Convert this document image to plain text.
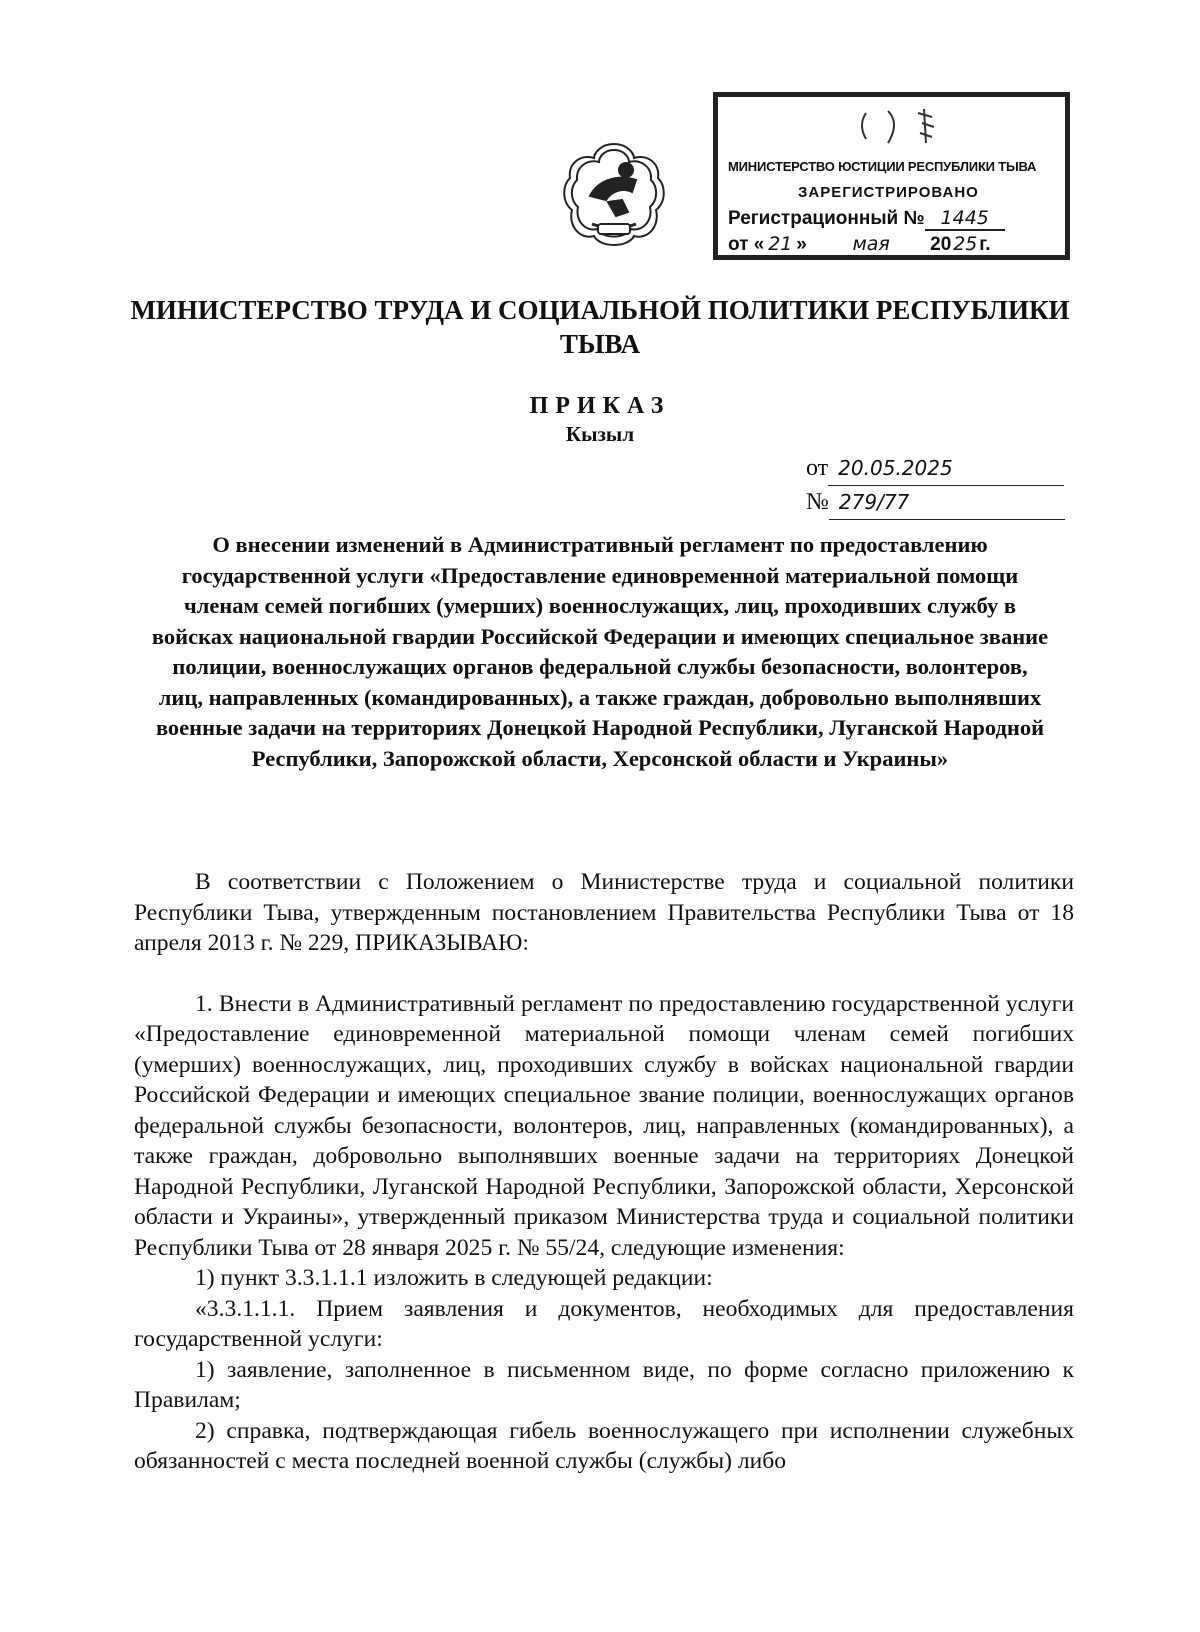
МИНИСТЕРСТВО ЮСТИЦИИ РЕСПУБЛИКИ ТЫВА
ЗАРЕГИСТРИРОВАНО
Регистрационный № 1445
от « 21 » мая 20 25 г.
МИНИСТЕРСТВО ТРУДА И СОЦИАЛЬНОЙ ПОЛИТИКИ РЕСПУБЛИКИ ТЫВА
ПРИКАЗ
Кызыл
от 20.05.2025
№ 279/77
О внесении изменений в Административный регламент по предоставлению государственной услуги «Предоставление единовременной материальной помощи членам семей погибших (умерших) военнослужащих, лиц, проходивших службу в войсках национальной гвардии Российской Федерации и имеющих специальное звание полиции, военнослужащих органов федеральной службы безопасности, волонтеров, лиц, направленных (командированных), а также граждан, добровольно выполнявших военные задачи на территориях Донецкой Народной Республики, Луганской Народной Республики, Запорожской области, Херсонской области и Украины»

В соответствии с Положением о Министерстве труда и социальной политики Республики Тыва, утвержденным постановлением Правительства Республики Тыва от 18 апреля 2013 г. № 229, ПРИКАЗЫВАЮ:

1. Внести в Административный регламент по предоставлению государственной услуги «Предоставление единовременной материальной помощи членам семей погибших (умерших) военнослужащих, лиц, проходивших службу в войсках национальной гвардии Российской Федерации и имеющих специальное звание полиции, военнослужащих органов федеральной службы безопасности, волонтеров, лиц, направленных (командированных), а также граждан, добровольно выполнявших военные задачи на территориях Донецкой Народной Республики, Луганской Народной Республики, Запорожской области, Херсонской области и Украины», утвержденный приказом Министерства труда и социальной политики Республики Тыва от 28 января 2025 г. № 55/24, следующие изменения:

1) пункт 3.3.1.1.1 изложить в следующей редакции:

«3.3.1.1.1. Прием заявления и документов, необходимых для предоставления государственной услуги:

1) заявление, заполненное в письменном виде, по форме согласно приложению к Правилам;

2) справка, подтверждающая гибель военнослужащего при исполнении служебных обязанностей с места последней военной службы (службы) либо
